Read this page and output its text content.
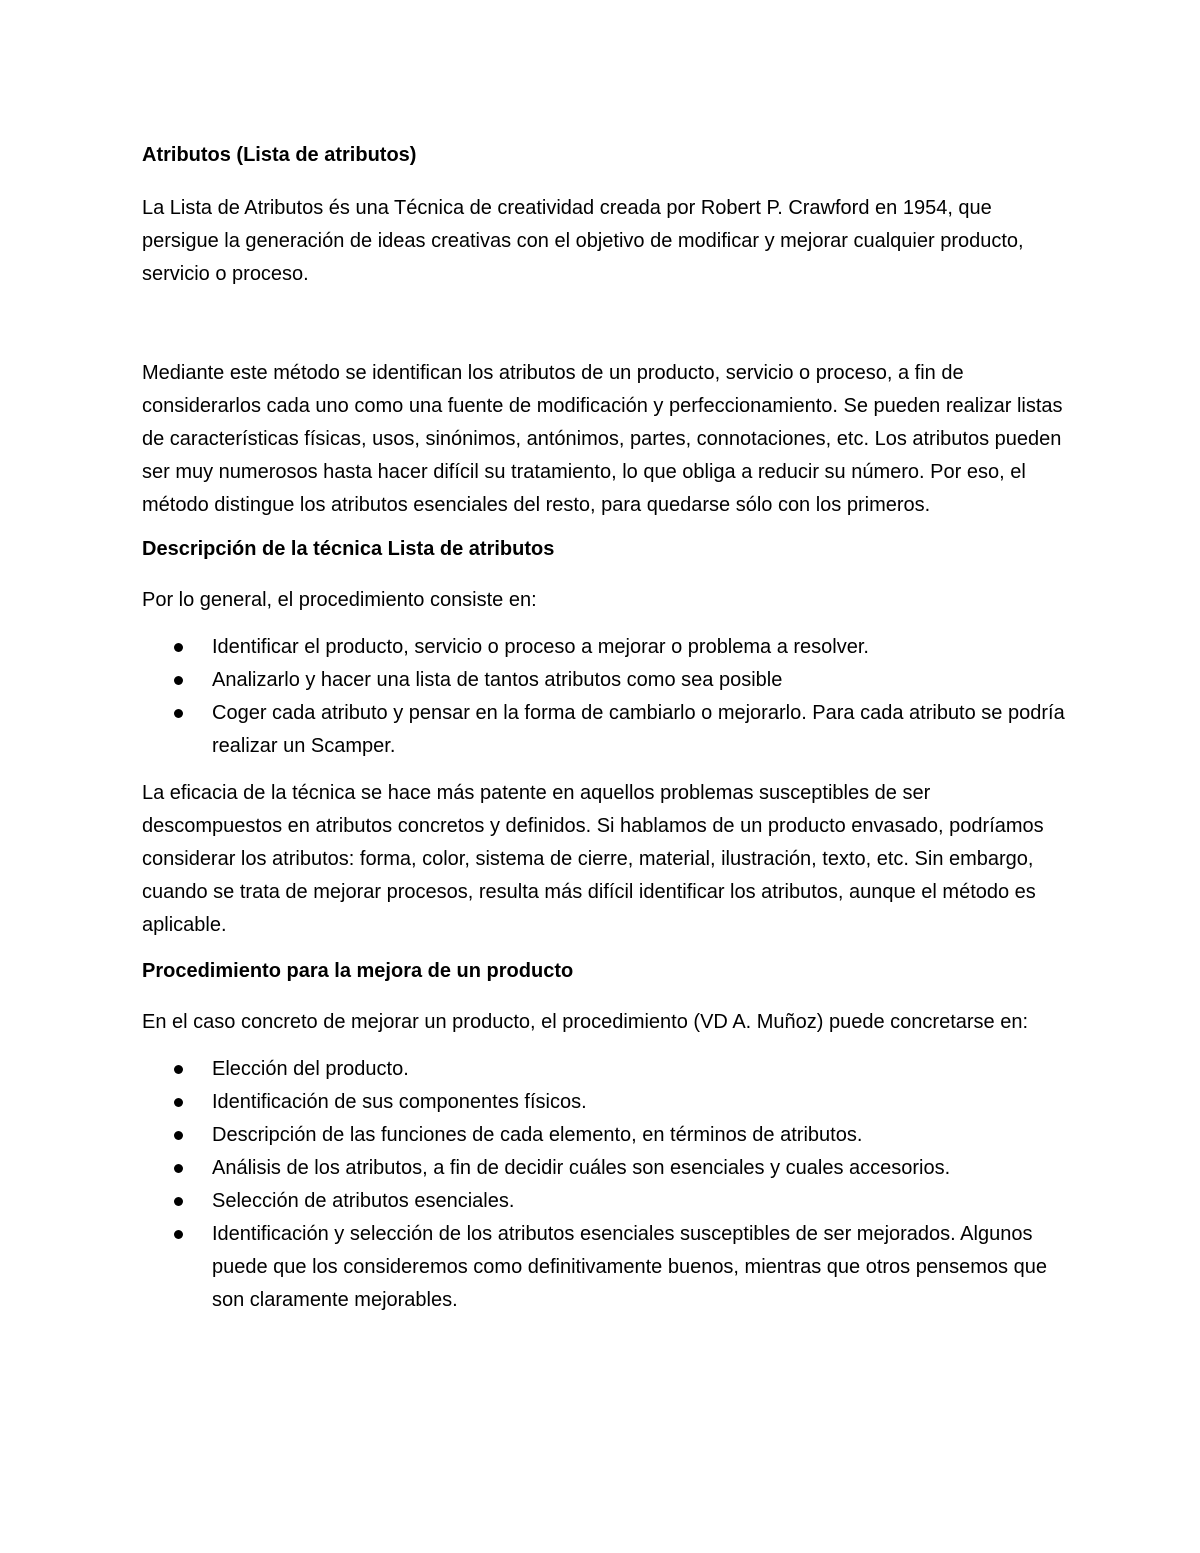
Atributos (Lista de atributos)

La Lista de Atributos és una Técnica de creatividad creada por Robert P. Crawford en 1954, que persigue la generación de ideas creativas con el objetivo de modificar y mejorar cualquier producto, servicio o proceso.

Mediante este método se identifican los atributos de un producto, servicio o proceso, a fin de considerarlos cada uno como una fuente de modificación y perfeccionamiento. Se pueden realizar listas de características físicas, usos, sinónimos, antónimos, partes, connotaciones, etc. Los atributos pueden ser muy numerosos hasta hacer difícil su tratamiento, lo que obliga a reducir su número. Por eso, el método distingue los atributos esenciales del resto, para quedarse sólo con los primeros.

Descripción de la técnica Lista de atributos

Por lo general, el procedimiento consiste en:

Identificar el producto, servicio o proceso a mejorar o problema a resolver.
Analizarlo y hacer una lista de tantos atributos como sea posible
Coger cada atributo y pensar en la forma de cambiarlo o mejorarlo. Para cada atributo se podría realizar un Scamper.

La eficacia de la técnica se hace más patente en aquellos problemas susceptibles de ser descompuestos en atributos concretos y definidos. Si hablamos de un producto envasado, podríamos considerar los atributos: forma, color, sistema de cierre, material, ilustración, texto, etc. Sin embargo, cuando se trata de mejorar procesos, resulta más difícil identificar los atributos, aunque el método es aplicable.

Procedimiento para la mejora de un producto

En el caso concreto de mejorar un producto, el procedimiento (VD A. Muñoz) puede concretarse en:

Elección del producto.
Identificación de sus componentes físicos.
Descripción de las funciones de cada elemento, en términos de atributos.
Análisis de los atributos, a fin de decidir cuáles son esenciales y cuales accesorios.
Selección de atributos esenciales.
Identificación y selección de los atributos esenciales susceptibles de ser mejorados. Algunos puede que los consideremos como definitivamente buenos, mientras que otros pensemos que son claramente mejorables.
